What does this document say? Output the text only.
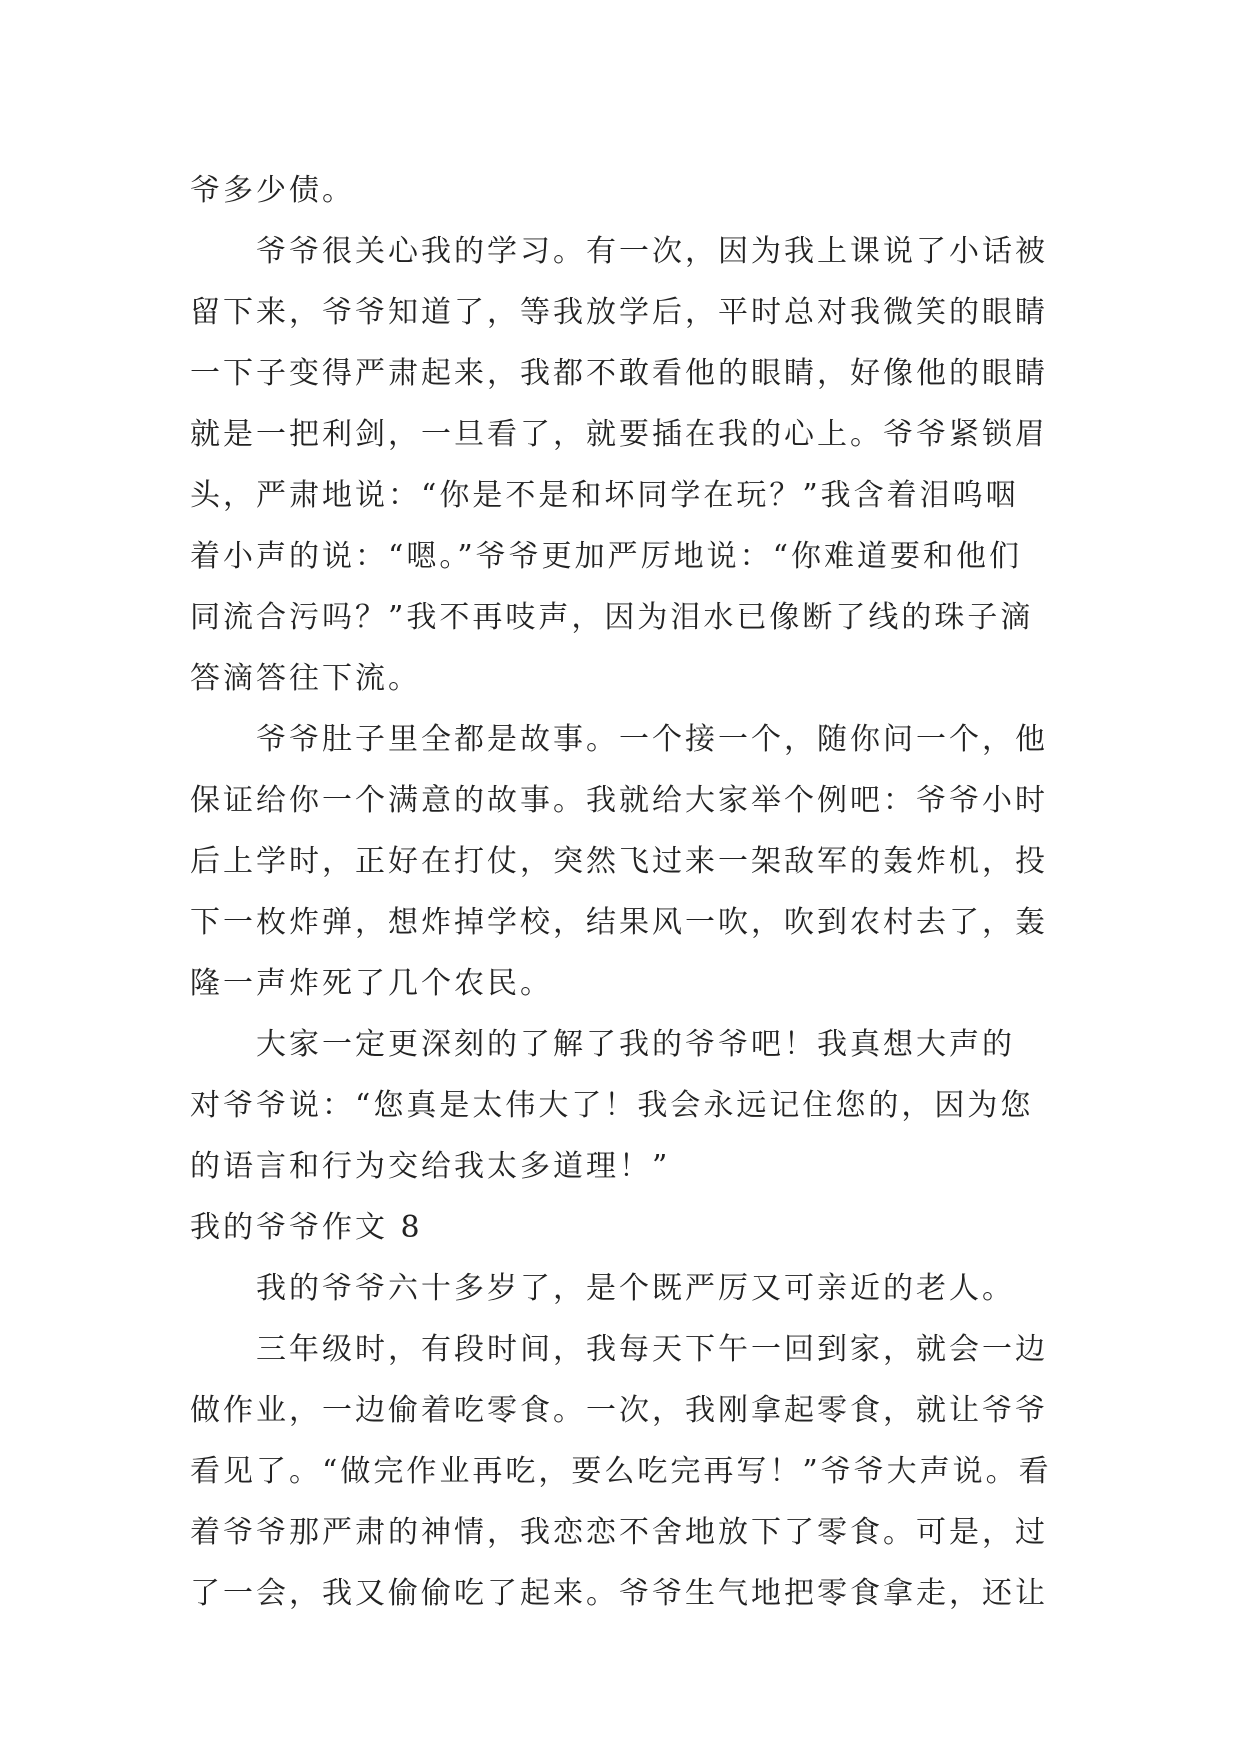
爷多少债。
爷爷很关心我的学习。有一次，因为我上课说了小话被
留下来，爷爷知道了，等我放学后，平时总对我微笑的眼睛
一下子变得严肃起来，我都不敢看他的眼睛，好像他的眼睛
就是一把利剑，一旦看了，就要插在我的心上。爷爷紧锁眉
头，严肃地说：“你是不是和坏同学在玩？”我含着泪呜咽
着小声的说：“嗯。”爷爷更加严厉地说：“你难道要和他们
同流合污吗？”我不再吱声，因为泪水已像断了线的珠子滴
答滴答往下流。
爷爷肚子里全都是故事。一个接一个，随你问一个，他
保证给你一个满意的故事。我就给大家举个例吧：爷爷小时
后上学时，正好在打仗，突然飞过来一架敌军的轰炸机，投
下一枚炸弹，想炸掉学校，结果风一吹，吹到农村去了，轰
隆一声炸死了几个农民。
大家一定更深刻的了解了我的爷爷吧！我真想大声的
对爷爷说：“您真是太伟大了！我会永远记住您的，因为您
的语言和行为交给我太多道理！”
我的爷爷作文 8
我的爷爷六十多岁了，是个既严厉又可亲近的老人。
三年级时，有段时间，我每天下午一回到家，就会一边
做作业，一边偷着吃零食。一次，我刚拿起零食，就让爷爷
看见了。“做完作业再吃，要么吃完再写！”爷爷大声说。看
着爷爷那严肃的神情，我恋恋不舍地放下了零食。可是，过
了一会，我又偷偷吃了起来。爷爷生气地把零食拿走，还让
